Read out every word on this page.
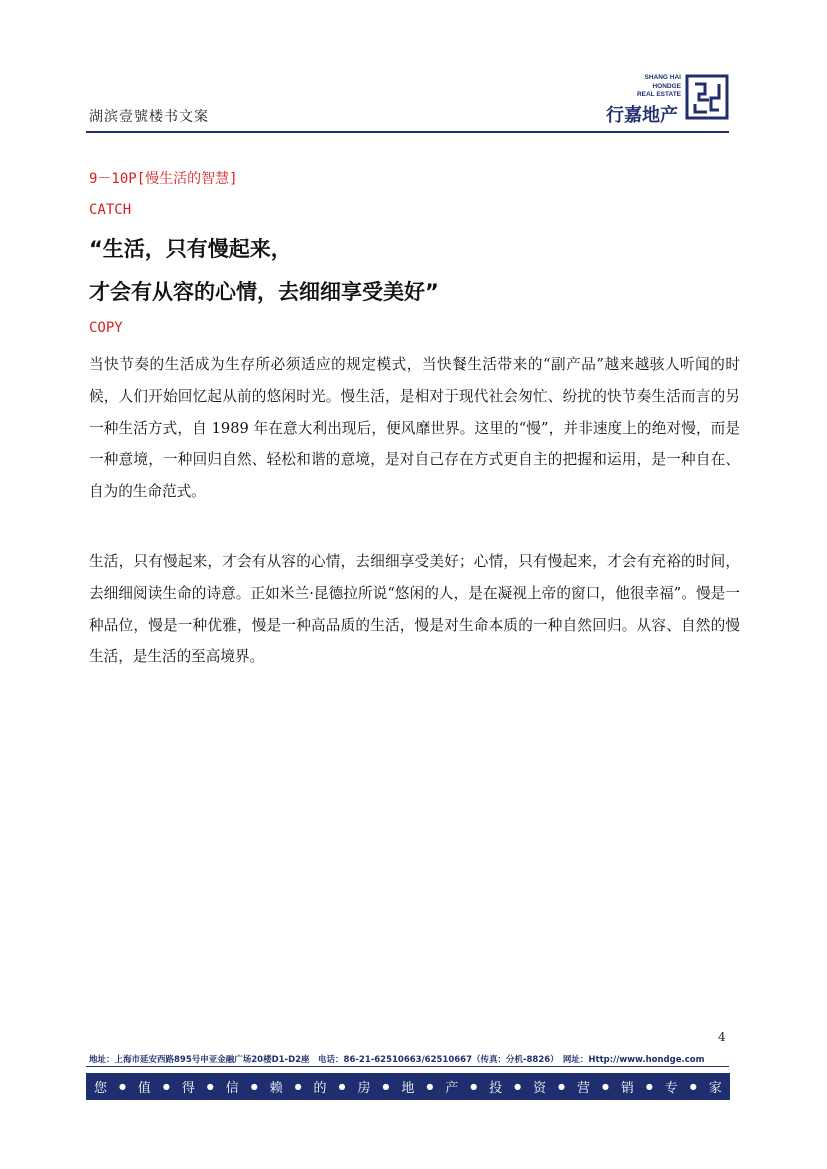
湖滨壹號楼书文案
SHANG HAI
HONDGE
REAL ESTATE
行嘉地产
9－10P[慢生活的智慧]
CATCH
“生活，只有慢起来，
才会有从容的心情，去细细享受美好”
COPY

当快节奏的生活成为生存所必须适应的规定模式，当快餐生活带来的“副产品”越来越骇人听闻的时候，人们开始回忆起从前的悠闲时光。慢生活，是相对于现代社会匆忙、纷扰的快节奏生活而言的另一种生活方式，自 1989 年在意大利出现后，便风靡世界。这里的“慢”，并非速度上的绝对慢，而是一种意境，一种回归自然、轻松和谐的意境，是对自己存在方式更自主的把握和运用，是一种自在、自为的生命范式。

生活，只有慢起来，才会有从容的心情，去细细享受美好；心情，只有慢起来，才会有充裕的时间，去细细阅读生命的诗意。正如米兰·昆德拉所说“悠闲的人，是在凝视上帝的窗口，他很幸福”。慢是一种品位，慢是一种优雅，慢是一种高品质的生活，慢是对生命本质的一种自然回归。从容、自然的慢生活，是生活的至高境界。

4
地址：上海市延安西路895号申亚金融广场20楼D1-D2座　电话：86-21-62510663/62510667（传真：分机-8826）　网址：Http://www.hondge.com
您 ● 值 ● 得 ● 信 ● 赖 ● 的 ● 房 ● 地 ● 产 ● 投 ● 资 ● 营 ● 销 ● 专 ● 家
